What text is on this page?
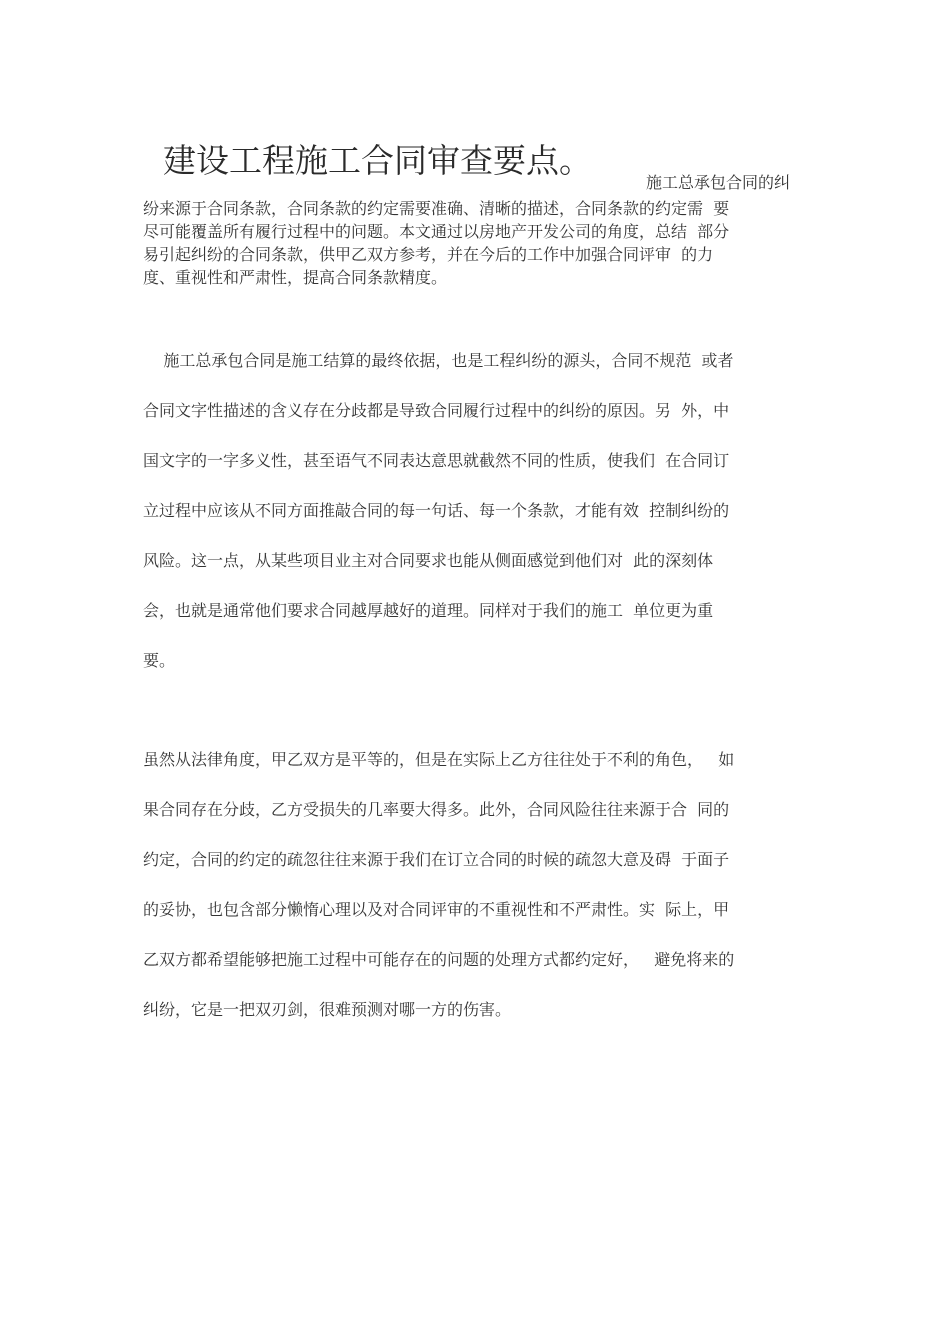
建设工程施工合同审查要点。
施工总承包合同的纠
纷来源于合同条款，合同条款的约定需要准确、清晰的描述，合同条款的约定需  要
尽可能覆盖所有履行过程中的问题。本文通过以房地产开发公司的角度，总结  部分
易引起纠纷的合同条款，供甲乙双方参考，并在今后的工作中加强合同评审  的力
度、重视性和严肃性，提高合同条款精度。
施工总承包合同是施工结算的最终依据，也是工程纠纷的源头，合同不规范  或者
合同文字性描述的含义存在分歧都是导致合同履行过程中的纠纷的原因。另  外，中
国文字的一字多义性，甚至语气不同表达意思就截然不同的性质，使我们  在合同订
立过程中应该从不同方面推敲合同的每一句话、每一个条款，才能有效  控制纠纷的
风险。这一点，从某些项目业主对合同要求也能从侧面感觉到他们对  此的深刻体
会，也就是通常他们要求合同越厚越好的道理。同样对于我们的施工  单位更为重
要。
虽然从法律角度，甲乙双方是平等的，但是在实际上乙方往往处于不利的角色，   如
果合同存在分歧，乙方受损失的几率要大得多。此外，合同风险往往来源于合  同的
约定，合同的约定的疏忽往往来源于我们在订立合同的时候的疏忽大意及碍  于面子
的妥协，也包含部分懒惰心理以及对合同评审的不重视性和不严肃性。实  际上，甲
乙双方都希望能够把施工过程中可能存在的问题的处理方式都约定好，   避免将来的
纠纷，它是一把双刃剑，很难预测对哪一方的伤害。
